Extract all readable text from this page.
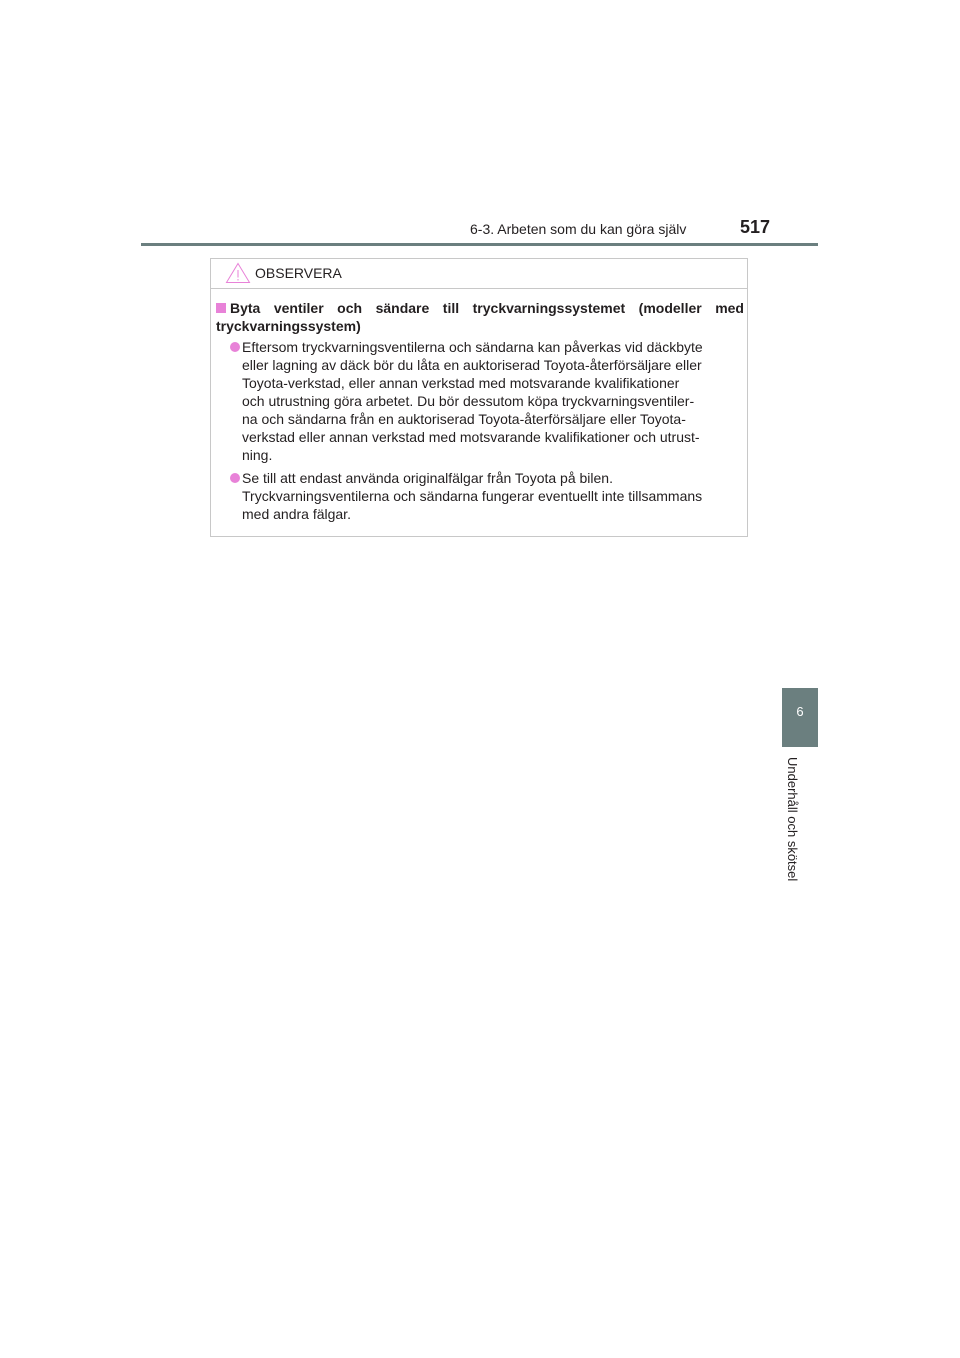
6-3. Arbeten som du kan göra själv	517
6
Underhåll och skötsel
OBSERVERA
Byta ventiler och sändare till tryckvarningssystemet (modeller med tryckvarningssystem)
Eftersom tryckvarningsventilerna och sändarna kan påverkas vid däckbyte
eller lagning av däck bör du låta en auktoriserad Toyota-återförsäljare eller
Toyota-verkstad, eller annan verkstad med motsvarande kvalifikationer
och utrustning göra arbetet. Du bör dessutom köpa tryckvarningsventiler-
na och sändarna från en auktoriserad Toyota-återförsäljare eller Toyota-
verkstad eller annan verkstad med motsvarande kvalifikationer och utrust-
ning.
Se till att endast använda originalfälgar från Toyota på bilen.
Tryckvarningsventilerna och sändarna fungerar eventuellt inte tillsammans
med andra fälgar.
